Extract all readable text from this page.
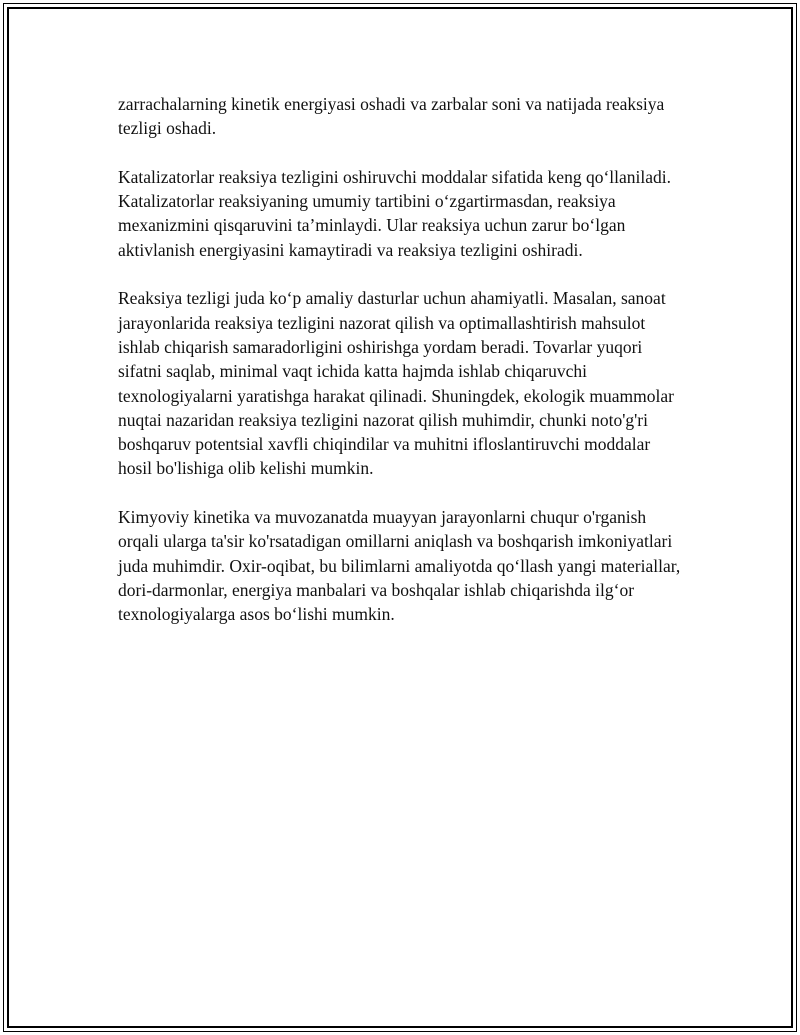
zarrachalarning kinetik energiyasi oshadi va zarbalar soni va natijada reaksiya tezligi oshadi.

Katalizatorlar reaksiya tezligini oshiruvchi moddalar sifatida keng qo‘llaniladi. Katalizatorlar reaksiyaning umumiy tartibini o‘zgartirmasdan, reaksiya mexanizmini qisqaruvini ta’minlaydi. Ular reaksiya uchun zarur bo‘lgan aktivlanish energiyasini kamaytiradi va reaksiya tezligini oshiradi.

Reaksiya tezligi juda ko‘p amaliy dasturlar uchun ahamiyatli. Masalan, sanoat jarayonlarida reaksiya tezligini nazorat qilish va optimallashtirish mahsulot ishlab chiqarish samaradorligini oshirishga yordam beradi. Tovarlar yuqori sifatni saqlab, minimal vaqt ichida katta hajmda ishlab chiqaruvchi texnologiyalarni yaratishga harakat qilinadi. Shuningdek, ekologik muammolar nuqtai nazaridan reaksiya tezligini nazorat qilish muhimdir, chunki noto'g'ri boshqaruv potentsial xavfli chiqindilar va muhitni ifloslantiruvchi moddalar hosil bo'lishiga olib kelishi mumkin.

Kimyoviy kinetika va muvozanatda muayyan jarayonlarni chuqur o'rganish orqali ularga ta'sir ko'rsatadigan omillarni aniqlash va boshqarish imkoniyatlari juda muhimdir. Oxir-oqibat, bu bilimlarni amaliyotda qo‘llash yangi materiallar, dori-darmonlar, energiya manbalari va boshqalar ishlab chiqarishda ilg‘or texnologiyalarga asos bo‘lishi mumkin.
